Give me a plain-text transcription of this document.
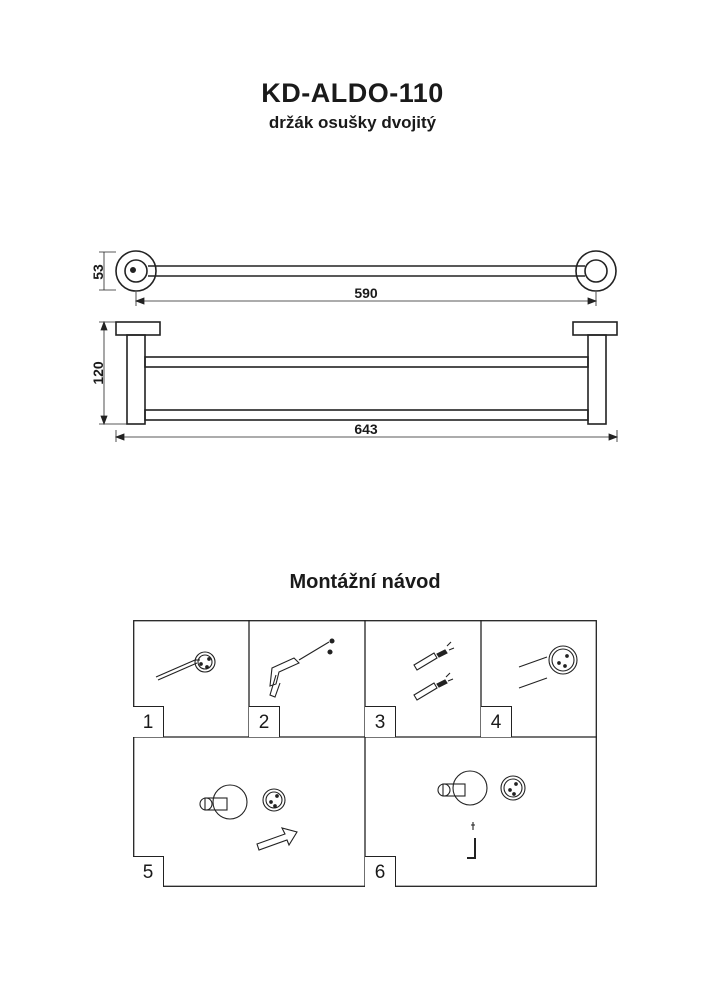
KD-ALDO-110
držák osušky dvojitý
53
590
120
643
Montážní návod
1	2	3	4
5	6
